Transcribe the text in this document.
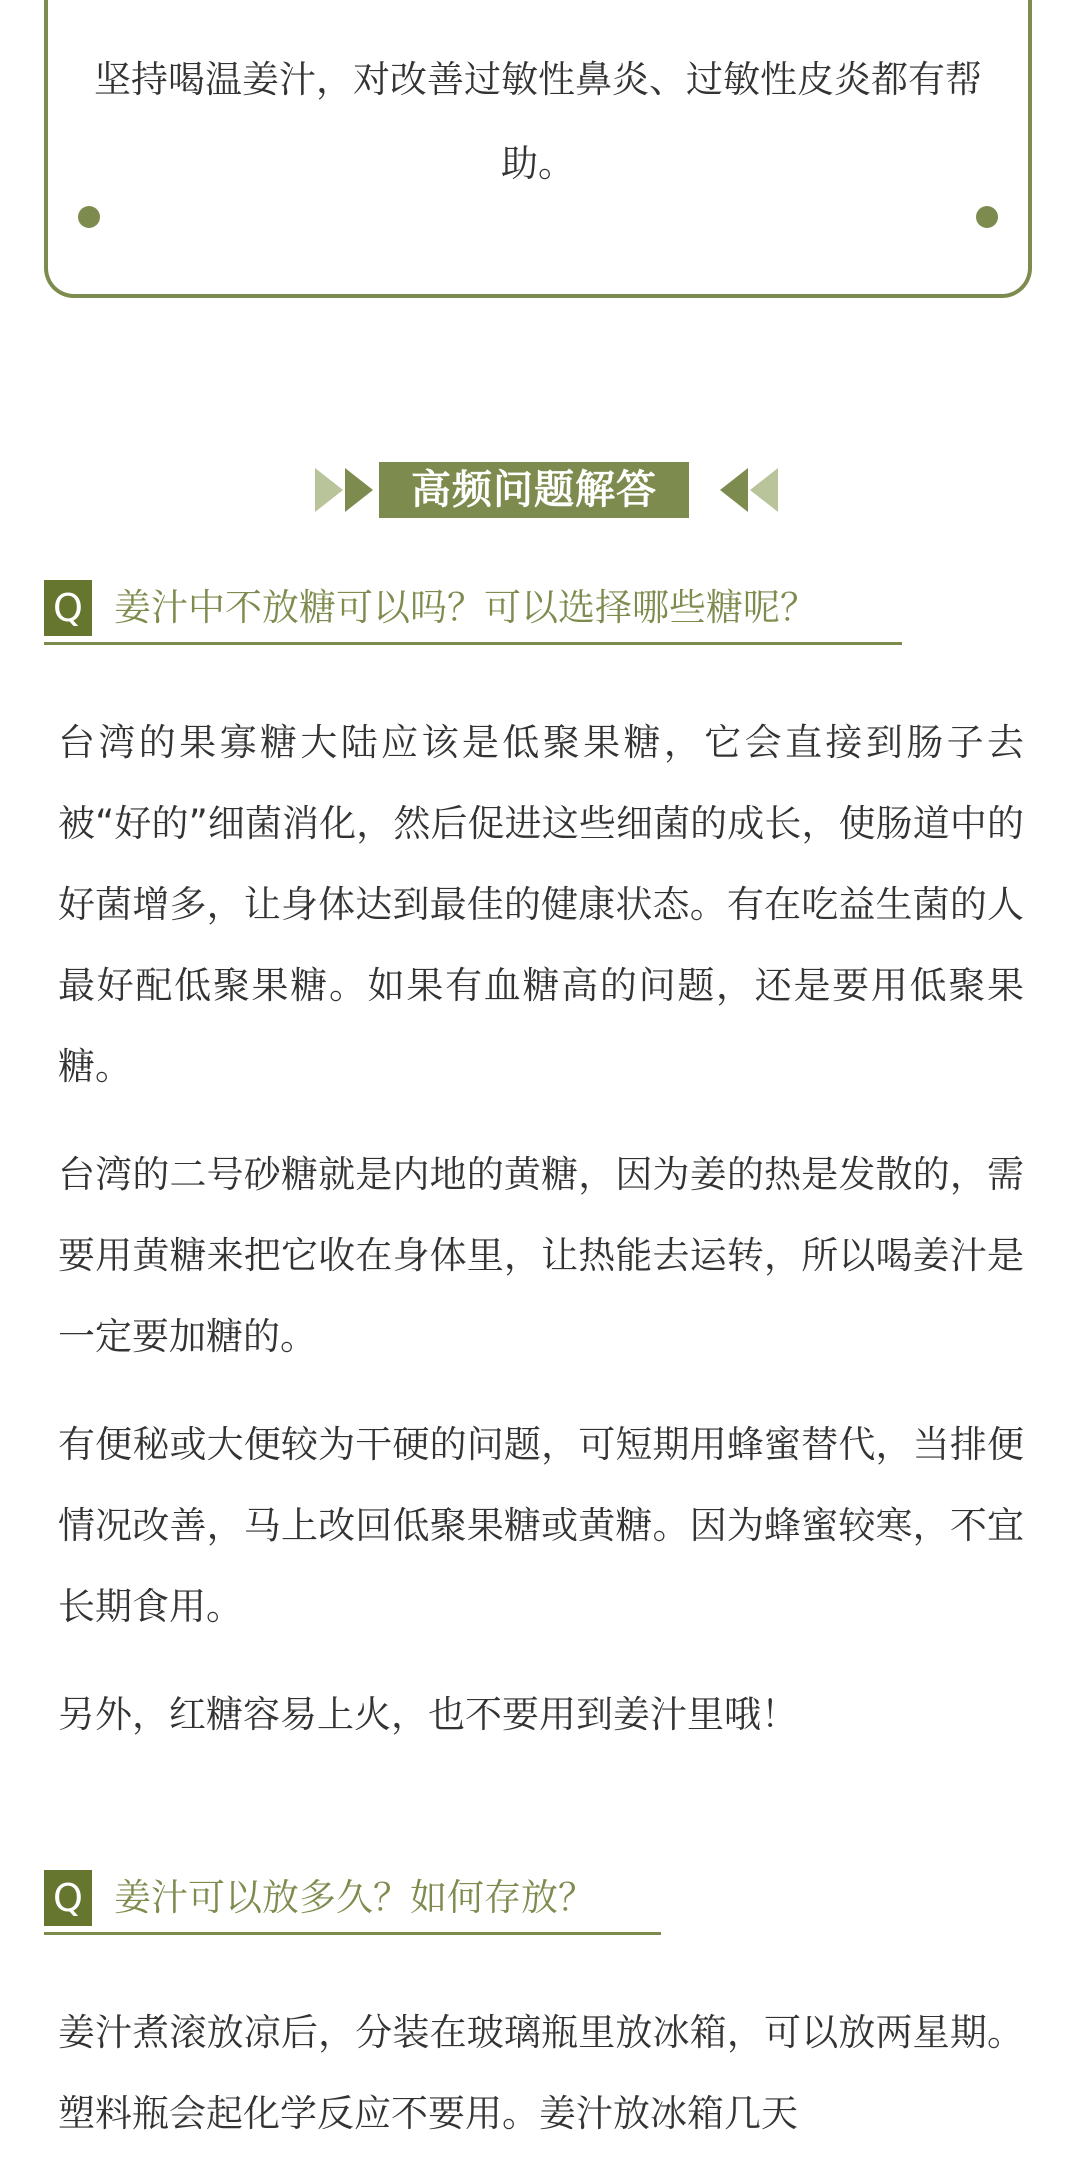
坚持喝温姜汁，对改善过敏性鼻炎、过敏性皮炎都有帮助。
高频问题解答
Q 姜汁中不放糖可以吗？可以选择哪些糖呢？

台湾的果寡糖大陆应该是低聚果糖，它会直接到肠子去被“好的”细菌消化，然后促进这些细菌的成长，使肠道中的好菌增多，让身体达到最佳的健康状态。有在吃益生菌的人最好配低聚果糖。如果有血糖高的问题，还是要用低聚果糖。

台湾的二号砂糖就是内地的黄糖，因为姜的热是发散的，需要用黄糖来把它收在身体里，让热能去运转，所以喝姜汁是一定要加糖的。

有便秘或大便较为干硬的问题，可短期用蜂蜜替代，当排便情况改善，马上改回低聚果糖或黄糖。因为蜂蜜较寒，不宜长期食用。

另外，红糖容易上火，也不要用到姜汁里哦！

Q 姜汁可以放多久？如何存放？

姜汁煮滚放凉后，分装在玻璃瓶里放冰箱，可以放两星期。塑料瓶会起化学反应不要用。姜汁放冰箱几天
